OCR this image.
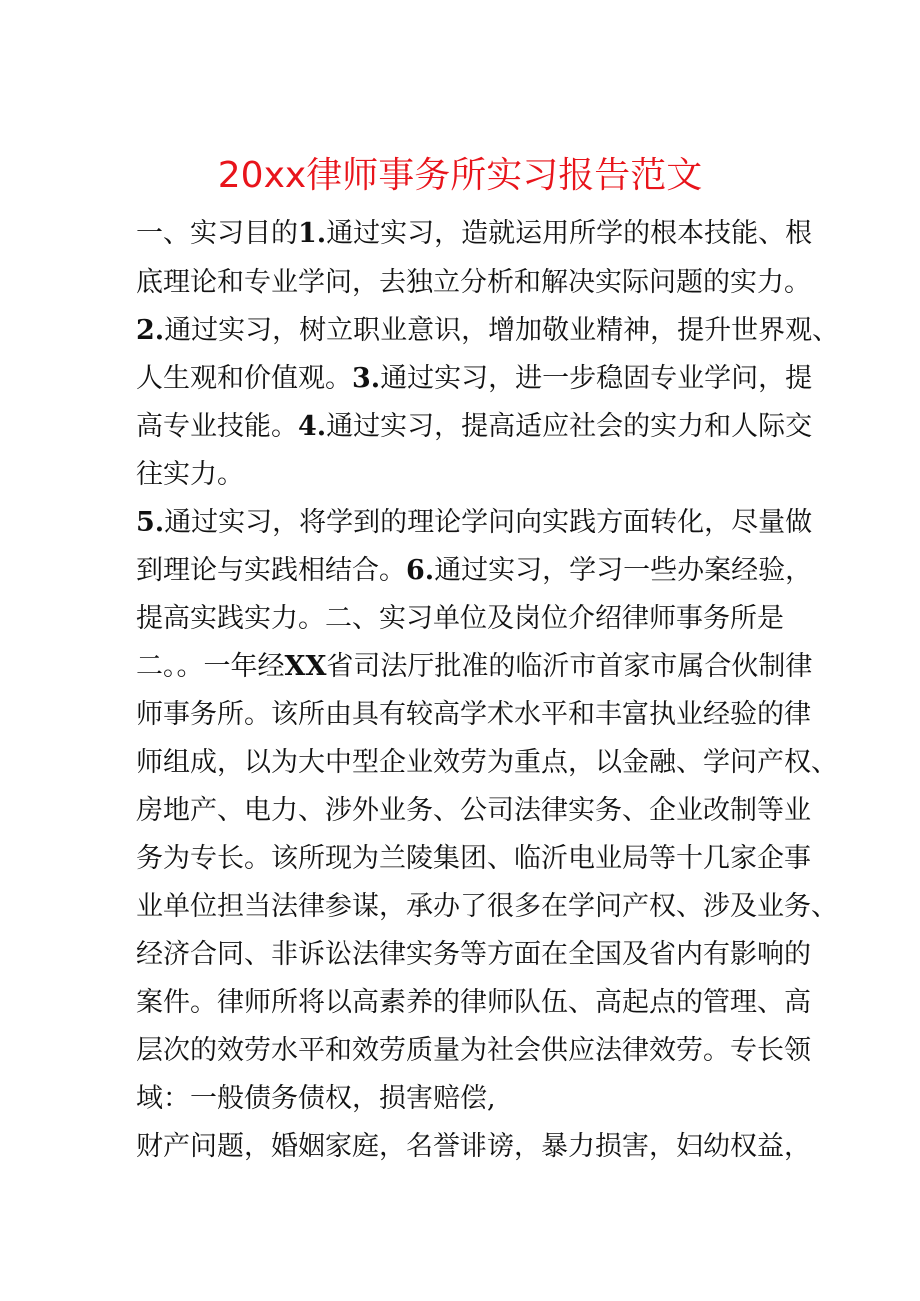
20xx律师事务所实习报告范文
一、实习目的1.通过实习，造就运用所学的根本技能、根
底理论和专业学问，去独立分析和解决实际问题的实力。
2.通过实习，树立职业意识，增加敬业精神，提升世界观、
人生观和价值观。3.通过实习，进一步稳固专业学问，提
高专业技能。4.通过实习，提高适应社会的实力和人际交
往实力。
5.通过实习，将学到的理论学问向实践方面转化，尽量做
到理论与实践相结合。6.通过实习，学习一些办案经验，
提高实践实力。二、实习单位及岗位介绍律师事务所是
二。。一年经XX省司法厅批准的临沂市首家市属合伙制律
师事务所。该所由具有较高学术水平和丰富执业经验的律
师组成，以为大中型企业效劳为重点，以金融、学问产权、
房地产、电力、涉外业务、公司法律实务、企业改制等业
务为专长。该所现为兰陵集团、临沂电业局等十几家企事
业单位担当法律参谋，承办了很多在学问产权、涉及业务、
经济合同、非诉讼法律实务等方面在全国及省内有影响的
案件。律师所将以高素养的律师队伍、高起点的管理、高
层次的效劳水平和效劳质量为社会供应法律效劳。专长领
域：一般债务债权，损害赔偿,
财产问题，婚姻家庭，名誉诽谤，暴力损害，妇幼权益，
